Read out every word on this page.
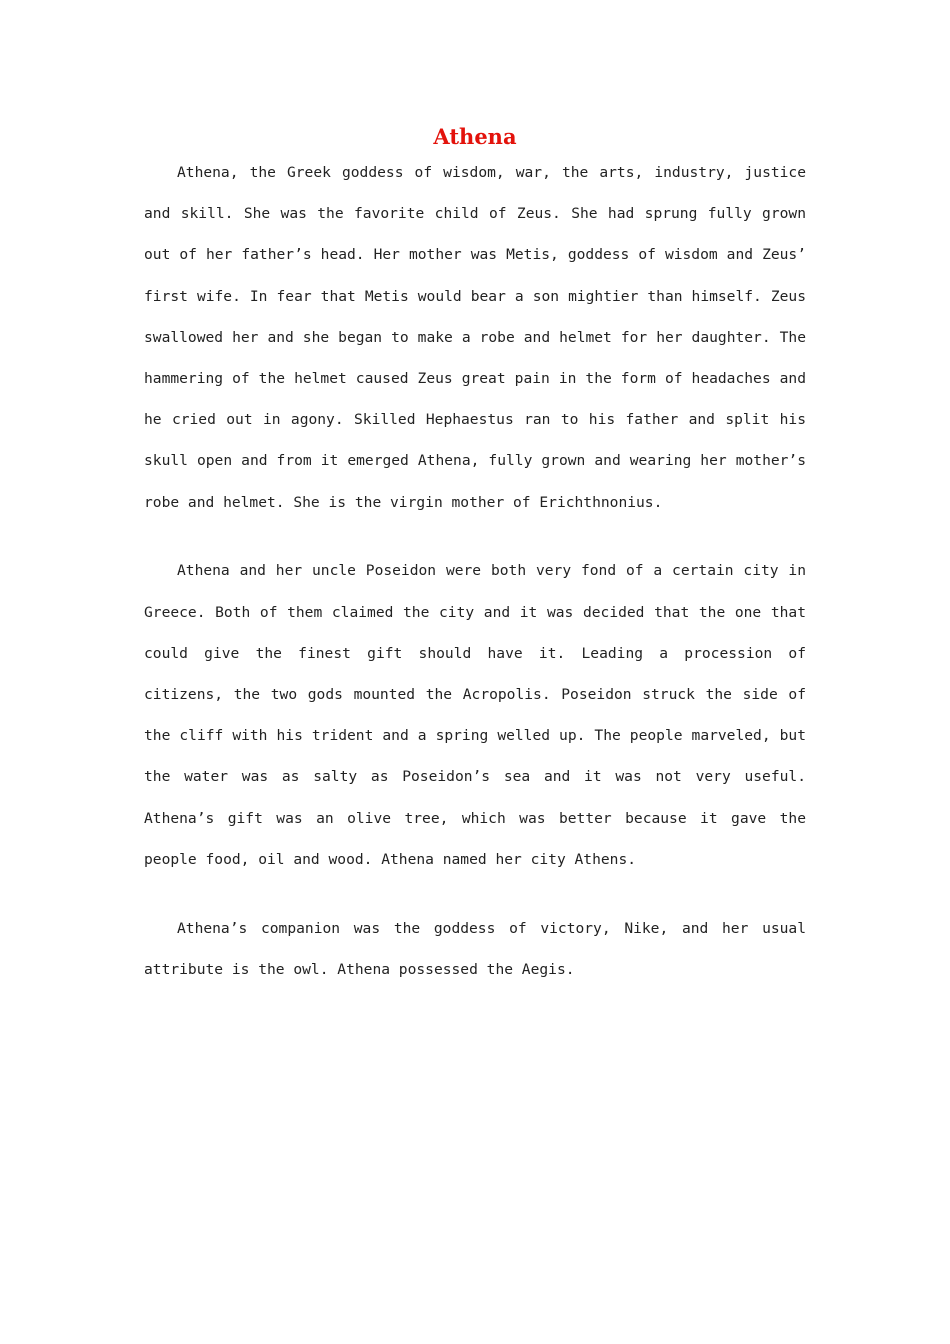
Athena

Athena, the Greek goddess of wisdom, war, the arts, industry, justice and skill. She was the favorite child of Zeus. She had sprung fully grown out of her father’s head. Her mother was Metis, goddess of wisdom and Zeus’ first wife. In fear that Metis would bear a son mightier than himself. Zeus swallowed her and she began to make a robe and helmet for her daughter. The hammering of the helmet caused Zeus great pain in the form of headaches and he cried out in agony. Skilled Hephaestus ran to his father and split his skull open and from it emerged Athena, fully grown and wearing her mother’s robe and helmet. She is the virgin mother of Erichthnonius.

Athena and her uncle Poseidon were both very fond of a certain city in Greece. Both of them claimed the city and it was decided that the one that could give the finest gift should have it. Leading a procession of citizens, the two gods mounted the Acropolis. Poseidon struck the side of the cliff with his trident and a spring welled up. The people marveled, but the water was as salty as Poseidon’s sea and it was not very useful. Athena’s gift was an olive tree, which was better because it gave the people food, oil and wood. Athena named her city Athens.

Athena’s companion was the goddess of victory, Nike, and her usual attribute is the owl. Athena possessed the Aegis.
